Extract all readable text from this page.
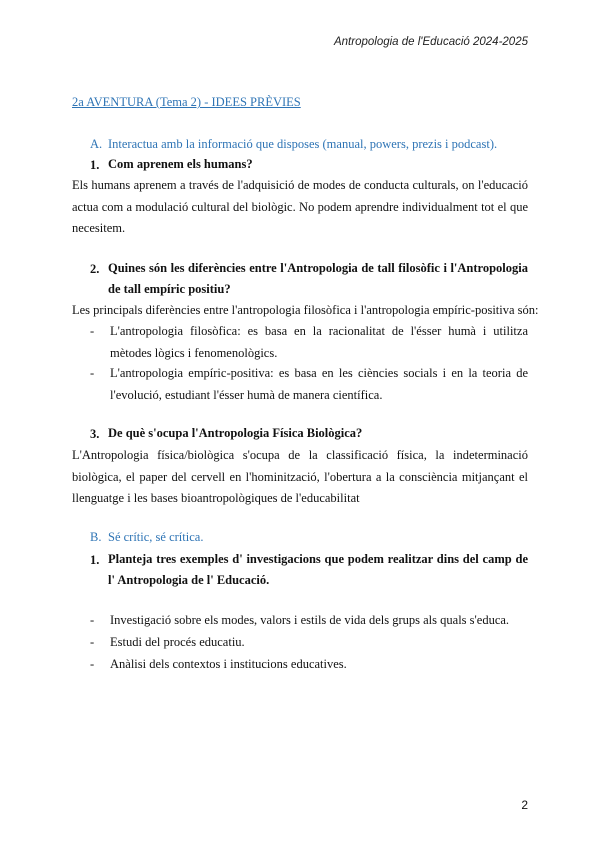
Antropologia de l'Educació 2024-2025
2a AVENTURA (Tema 2) - IDEES PRÈVIES
A. Interactua amb la informació que disposes (manual, powers, prezis i podcast).
1. Com aprenem els humans?
Els humans aprenem a través de l'adquisició de modes de conducta culturals, on l'educació actua com a modulació cultural del biològic. No podem aprendre individualment tot el que necesitem.
2. Quines són les diferències entre l'Antropologia de tall filosòfic i l'Antropologia de tall empíric positiu?
Les principals diferències entre l'antropologia filosòfica i l'antropologia empíric-positiva són:
-	L'antropologia filosòfica: es basa en la racionalitat de l'ésser humà i utilitza mètodes lògics i fenomenològics.
-	L'antropologia empíric-positiva: es basa en les ciències socials i en la teoria de l'evolució, estudiant l'ésser humà de manera científica.
3. De què s'ocupa l'Antropologia Física Biològica?
L'Antropologia física/biològica s'ocupa de la classificació física, la indeterminació biològica, el paper del cervell en l'hominització, l'obertura a la consciència mitjançant el llenguatge i les bases bioantropològiques de l'educabilitat
B. Sé crític, sé crítica.
1. Planteja tres exemples d' investigacions que podem realitzar dins del camp de l' Antropologia de l' Educació.
-	Investigació sobre els modes, valors i estils de vida dels grups als quals s'educa.
-	Estudi del procés educatiu.
-	Anàlisi dels contextos i institucions educatives.
2
